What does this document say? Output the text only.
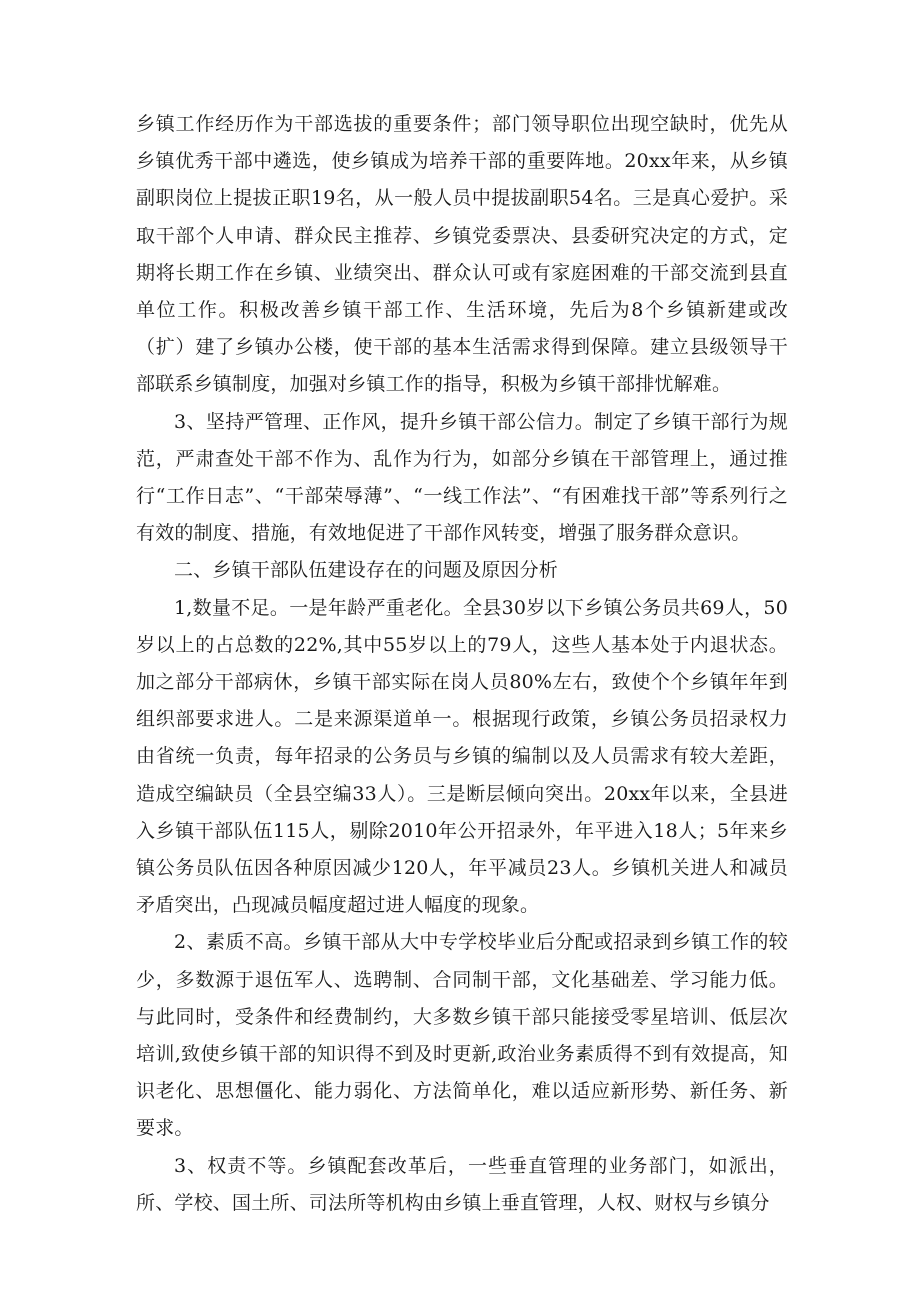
乡镇工作经历作为干部选拔的重要条件；部门领导职位出现空缺时，优先从乡镇优秀干部中遴选，使乡镇成为培养干部的重要阵地。20xx年来，从乡镇副职岗位上提拔正职19名，从一般人员中提拔副职54名。三是真心爱护。采取干部个人申请、群众民主推荐、乡镇党委票决、县委研究决定的方式，定期将长期工作在乡镇、业绩突出、群众认可或有家庭困难的干部交流到县直单位工作。积极改善乡镇干部工作、生活环境，先后为8个乡镇新建或改（扩）建了乡镇办公楼，使干部的基本生活需求得到保障。建立县级领导干部联系乡镇制度，加强对乡镇工作的指导，积极为乡镇干部排忧解难。

3、坚持严管理、正作风，提升乡镇干部公信力。制定了乡镇干部行为规范，严肃查处干部不作为、乱作为行为，如部分乡镇在干部管理上，通过推行“工作日志”、“干部荣辱薄”、“一线工作法”、“有困难找干部”等系列行之有效的制度、措施，有效地促进了干部作风转变，增强了服务群众意识。

二、乡镇干部队伍建设存在的问题及原因分析

1,数量不足。一是年龄严重老化。全县30岁以下乡镇公务员共69人，50岁以上的占总数的22%,其中55岁以上的79人，这些人基本处于内退状态。加之部分干部病休，乡镇干部实际在岗人员80%左右，致使个个乡镇年年到组织部要求进人。二是来源渠道单一。根据现行政策，乡镇公务员招录权力由省统一负责，每年招录的公务员与乡镇的编制以及人员需求有较大差距，造成空编缺员（全县空编33人）。三是断层倾向突出。20xx年以来，全县进入乡镇干部队伍115人，剔除2010年公开招录外，年平进入18人；5年来乡镇公务员队伍因各种原因减少120人，年平减员23人。乡镇机关进人和减员矛盾突出，凸现减员幅度超过进人幅度的现象。

2、素质不高。乡镇干部从大中专学校毕业后分配或招录到乡镇工作的较少，多数源于退伍军人、选聘制、合同制干部，文化基础差、学习能力低。与此同时，受条件和经费制约，大多数乡镇干部只能接受零星培训、低层次培训,致使乡镇干部的知识得不到及时更新,政治业务素质得不到有效提高，知识老化、思想僵化、能力弱化、方法简单化，难以适应新形势、新任务、新要求。

3、权责不等。乡镇配套改革后，一些垂直管理的业务部门，如派出，所、学校、国土所、司法所等机构由乡镇上垂直管理，人权、财权与乡镇分
